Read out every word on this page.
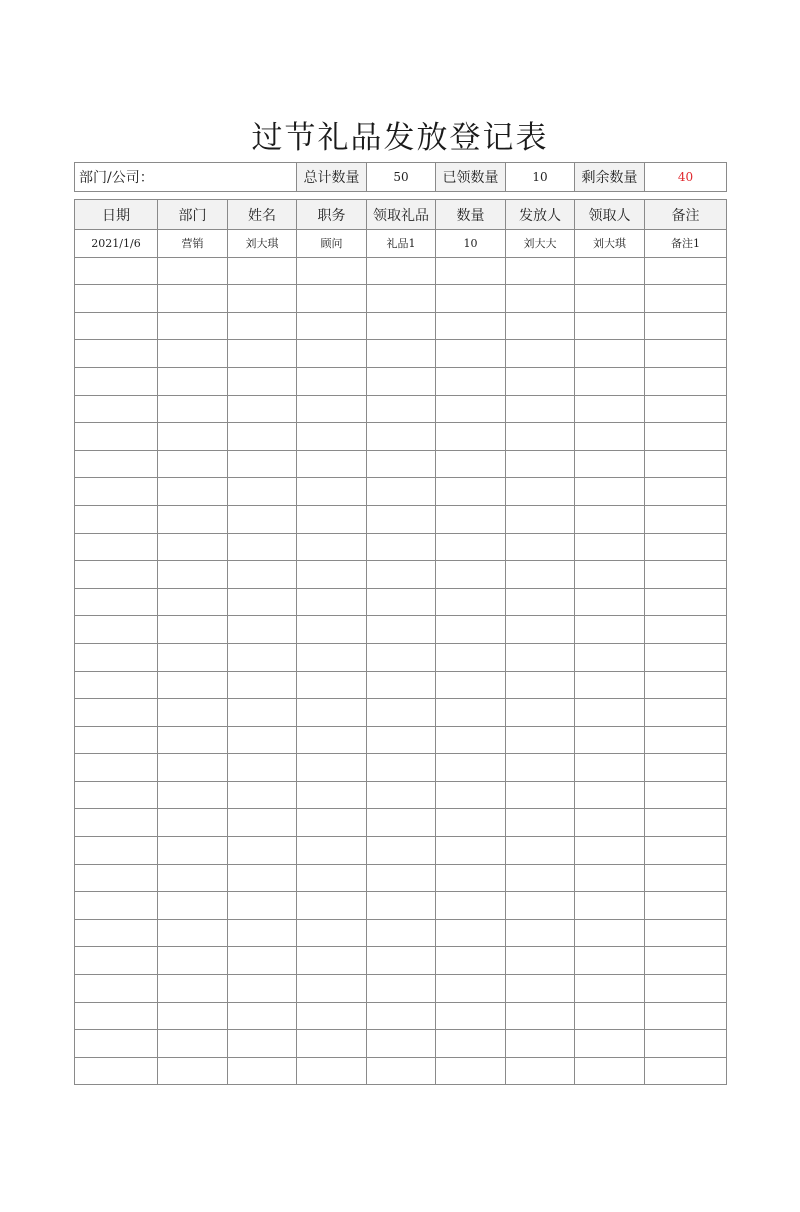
过节礼品发放登记表
部门/公司：	总计数量	50	已领数量	10	剩余数量	40
日期	部门	姓名	职务	领取礼品	数量	发放人	领取人	备注
2021/1/6	营销	刘大琪	顾问	礼品1	10	刘大大	刘大琪	备注1
